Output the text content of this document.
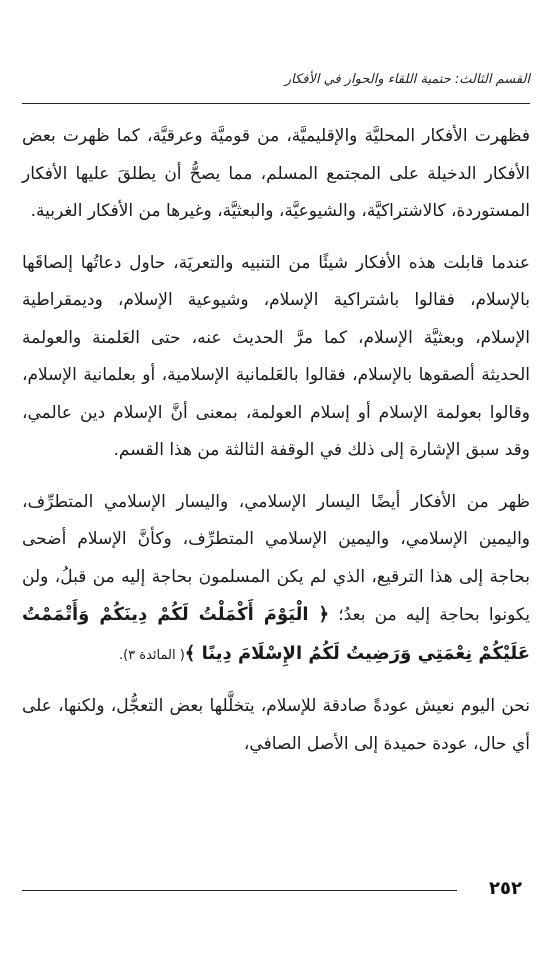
القسم الثالث: حتمية اللقاء والحوار في الأفكار

فظهرت الأفكار المحليَّة والإقليميَّة، من قوميَّة وعرقيَّة، كما ظهرت بعض الأفكار الدخيلة على المجتمع المسلم، مما يصحُّ أن يطلقَ عليها الأفكار المستوردة، كالاشتراكيَّة، والشيوعيَّة، والبعثيَّة، وغيرها من الأفكار الغربية.

عندما قابلت هذه الأفكار شيئًا من التنبيه والتعريَة، حاول دعاتُها إلصاقَها بالإسلام، فقالوا باشتراكية الإسلام، وشيوعية الإسلام، وديمقراطية الإسلام، وبعثيَّة الإسلام، كما مرَّ الحديث عنه، حتى العَلمنة والعولمة الحديثة ألصقوها بالإسلام، فقالوا بالعَلمانية الإسلامية، أو بعلمانية الإسلام، وقالوا بعولمة الإسلام أو إسلام العولمة، بمعنى أنَّ الإسلام دين عالمي، وقد سبق الإشارة إلى ذلك في الوقفة الثالثة من هذا القسم.

ظهر من الأفكار أيضًا اليسار الإسلامي، واليسار الإسلامي المتطرِّف، واليمين الإسلامي، واليمين الإسلامي المتطرِّف، وكأنَّ الإسلام أضحى بحاجة إلى هذا الترقيع، الذي لم يكن المسلمون بحاجة إليه من قبلُ، ولن يكونوا بحاجة إليه من بعدُ؛ ﴿ الْيَوْمَ أَكْمَلْتُ لَكُمْ دِينَكُمْ وَأَتْمَمْتُ عَلَيْكُمْ نِعْمَتِي وَرَضِيتُ لَكُمُ الإِسْلَامَ دِينًا ﴾( المائدة ٣).

نحن اليوم نعيش عودةً صادقة للإسلام، يتخلَّلها بعض التعجُّل، ولكنها، على أي حال، عودة حميدة إلى الأصل الصافي،

٢٥٢
